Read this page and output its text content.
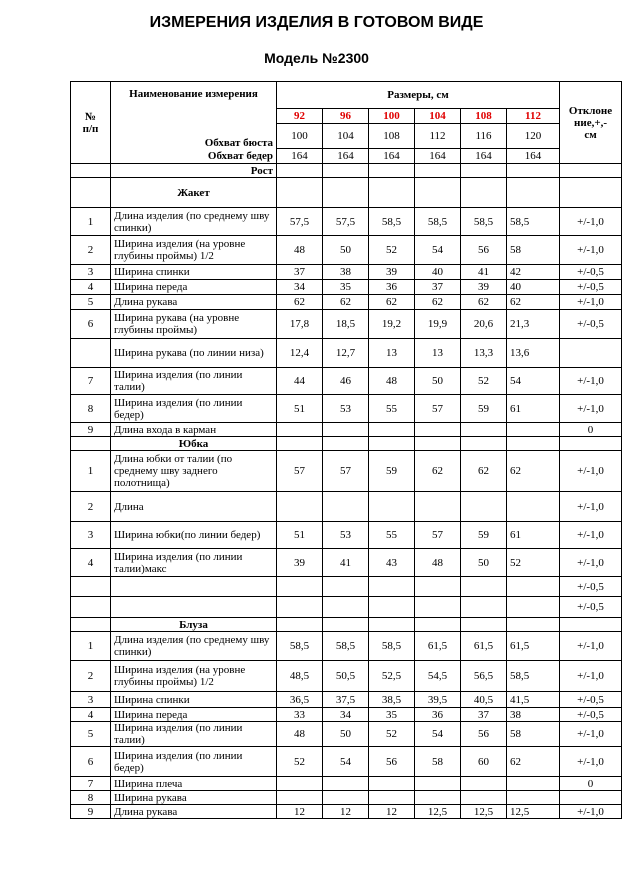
ИЗМЕРЕНИЯ ИЗДЕЛИЯ В ГОТОВОМ ВИДЕ
Модель №2300
№
п/п	Наименование измерения	Размеры, см						Отклоне
ние,+,-
см
	Обхват бюста	92	96	100	104	108	112	
		100	104	108	112	116	120	
	Обхват бедер	164	164	164	164	164	164	
	Рост							
	Жакет							
1	Длина изделия (по среднему шву спинки)	57,5	57,5	58,5	58,5	58,5	58,5	+/-1,0
2	Ширина изделия (на уровне глубины проймы) 1/2	48	50	52	54	56	58	+/-1,0
3	Ширина спинки	37	38	39	40	41	42	+/-0,5
4	Ширина переда	34	35	36	37	39	40	+/-0,5
5	Длина рукава	62	62	62	62	62	62	+/-1,0
6	Ширина рукава (на уровне глубины проймы)	17,8	18,5	19,2	19,9	20,6	21,3	+/-0,5
	Ширина рукава (по линии низа)	12,4	12,7	13	13	13,3	13,6	
7	Ширина изделия (по линии талии)	44	46	48	50	52	54	+/-1,0
8	Ширина изделия (по линии бедер)	51	53	55	57	59	61	+/-1,0
9	Длина входа в карман							0
	Юбка							
1	Длина юбки от талии (по среднему шву заднего полотнища)	57	57	59	62	62	62	+/-1,0
2	Длина							+/-1,0
3	Ширина юбки(по линии бедер)	51	53	55	57	59	61	+/-1,0
4	Ширина изделия (по линии талии)макс	39	41	43	48	50	52	+/-1,0
								+/-0,5
								+/-0,5
	Блуза							
1	Длина изделия (по среднему шву спинки)	58,5	58,5	58,5	61,5	61,5	61,5	+/-1,0
2	Ширина изделия (на уровне глубины проймы) 1/2	48,5	50,5	52,5	54,5	56,5	58,5	+/-1,0
3	Ширина спинки	36,5	37,5	38,5	39,5	40,5	41,5	+/-0,5
4	Ширина переда	33	34	35	36	37	38	+/-0,5
5	Ширина изделия (по линии талии)	48	50	52	54	56	58	+/-1,0
6	Ширина изделия (по линии бедер)	52	54	56	58	60	62	+/-1,0
7	Ширина плеча							0
8	Ширина рукава							
9	Длина рукава	12	12	12	12,5	12,5	12,5	+/-1,0
